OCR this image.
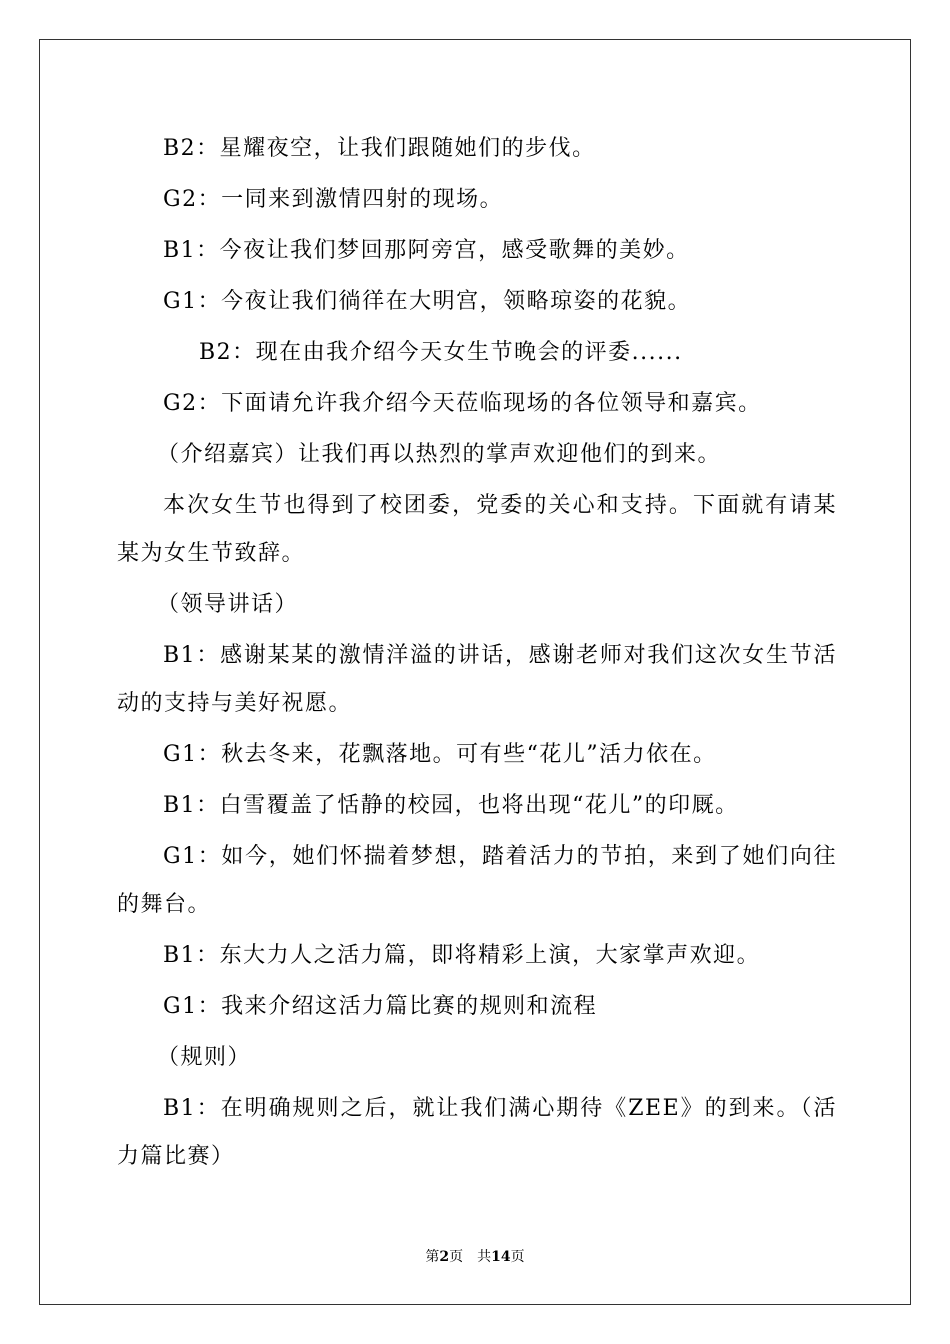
B2：星耀夜空，让我们跟随她们的步伐。

G2：一同来到激情四射的现场。

B1：今夜让我们梦回那阿旁宫，感受歌舞的美妙。

G1：今夜让我们徜徉在大明宫，领略琼姿的花貌。

B2：现在由我介绍今天女生节晚会的评委......

G2：下面请允许我介绍今天莅临现场的各位领导和嘉宾。

（介绍嘉宾）让我们再以热烈的掌声欢迎他们的到来。

本次女生节也得到了校团委，党委的关心和支持。下面就有请某某为女生节致辞。

（领导讲话）

B1：感谢某某的激情洋溢的讲话，感谢老师对我们这次女生节活动的支持与美好祝愿。

G1：秋去冬来，花飘落地。可有些“花儿”活力依在。

B1：白雪覆盖了恬静的校园，也将出现“花儿”的印厩。

G1：如今，她们怀揣着梦想，踏着活力的节拍，来到了她们向往的舞台。

B1：东大力人之活力篇，即将精彩上演，大家掌声欢迎。

G1：我来介绍这活力篇比赛的规则和流程

（规则）

B1：在明确规则之后，就让我们满心期待《ZEE》的到来。（活力篇比赛）

第2页　共14页
